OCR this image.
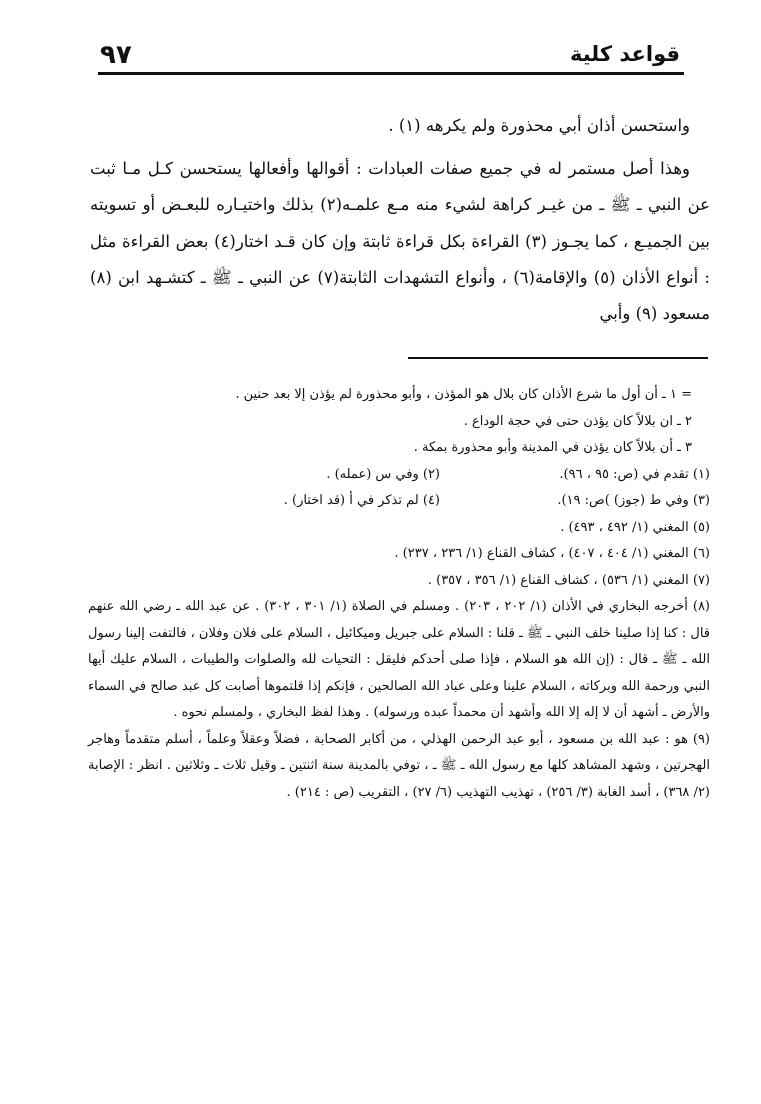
قواعد كلية
٩٧

واستحسن أذان أبي محذورة ولم يكرهه (١) .

وهذا أصل مستمر له في جميع صفات العبادات : أقوالها وأفعالها يستحسن كـل مـا ثبت عن النبي ـ ﷺ ـ من غيـر كراهة لشيء منه مـع علمـه(٢) بذلك واختيـاره للبعـض أو تسويته بين الجميـع ، كما يجـوز (٣) القراءة بكل قراءة ثابتة وإن كان قـد اختار(٤) بعض القراءة مثل : أنواع الأذان (٥) والإقامة(٦) ، وأنواع التشهدات الثابتة(٧) عن النبي ـ ﷺ ـ كتشـهد ابن (٨) مسعود (٩) وأبي

= ١ ـ أن أول ما شرع الأذان كان بلال هو المؤذن ، وأبو محذورة لم يؤذن إلا بعد حنين .

٢ ـ ان بلالاً كان يؤذن حتى في حجة الوداع .

٣ ـ أن بلالاً كان يؤذن في المدينة وأبو محذورة بمكة .

(١) تقدم في (ص: ٩٥ ، ٩٦).
(٢) وفي س (عمله) .
(٣) وفي ط (جوز) )ص: ١٩).
(٤) لم تذكر في أ (قد اختار) .

(٥) المغني (١/ ٤٩٢ ، ٤٩٣) .

(٦) المغني (١/ ٤٠٤ ، ٤٠٧) ، كشاف القناع (١/ ٢٣٦ ، ٢٣٧) .

(٧) المغني (١/ ٥٣٦) ، كشاف القناع (١/ ٣٥٦ ، ٣٥٧) .

(٨) أخرجه البخاري في الأذان (١/ ٢٠٢ ، ٢٠٣) . ومسلم في الصلاة (١/ ٣٠١ ، ٣٠٢) . عن عبد الله ـ رضي الله عنهم قال : كنا إذا صلينا خلف النبي ـ ﷺ ـ قلنا : السلام على جبريل وميكائيل ، السلام على فلان وفلان ، فالتفت إلينا رسول الله ـ ﷺ ـ قال : (إن الله هو السلام ، فإذا صلى أحدكم فليقل : التحيات لله والصلوات والطيبات ، السلام عليك أيها النبي ورحمة الله وبركاته ، السلام علينا وعلى عباد الله الصالحين ، فإنكم إذا قلتموها أصابت كل عبد صالح في السماء والأرض ـ أشهد أن لا إله إلا الله وأشهد أن محمداً عبده ورسوله) . وهذا لفظ البخاري ، ولمسلم نحوه .

(٩) هو : عبد الله بن مسعود ، أبو عبد الرحمن الهذلي ، من أكابر الصحابة ، فضلاً وعقلاً وعلماً ، أسلم متقدماً وهاجر الهجرتين ، وشهد المشاهد كلها مع رسول الله ـ ﷺ ـ ، توفي بالمدينة سنة اثنتين ـ وقيل ثلاث ـ وثلاثين . انظر : الإصابة (٢/ ٣٦٨) ، أسد الغابة (٣/ ٢٥٦) ، تهذيب التهذيب (٦/ ٢٧) ، التقريب (ص : ٢١٤) .
